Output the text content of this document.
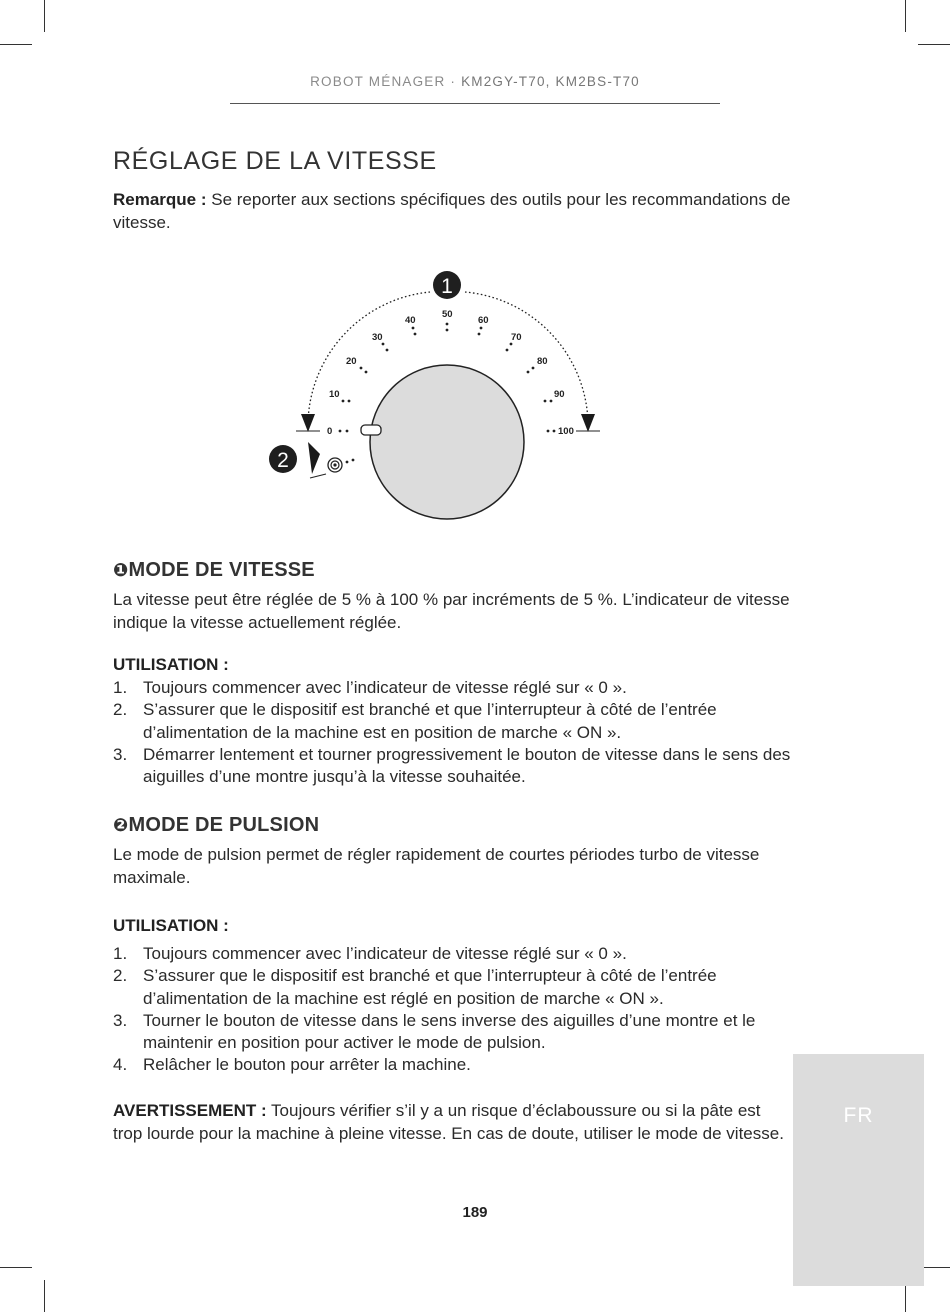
ROBOT MÉNAGER · KM2GY-T70, KM2BS-T70
RÉGLAGE DE LA VITESSE

Remarque : Se reporter aux sections spécifiques des outils pour les recommandations de vitesse.

0
10
20
30
40
50
60
70
80
90
100
1
2
❶MODE DE VITESSE

La vitesse peut être réglée de 5 % à 100 % par incréments de 5 %. L’indicateur de vitesse indique la vitesse actuellement réglée.

UTILISATION :
1. Toujours commencer avec l’indicateur de vitesse réglé sur « 0 ».
2. S’assurer que le dispositif est branché et que l’interrupteur à côté de l’entrée d’alimentation de la machine est en position de marche « ON ».
3. Démarrer lentement et tourner progressivement le bouton de vitesse dans le sens des aiguilles d’une montre jusqu’à la vitesse souhaitée.
❷MODE DE PULSION

Le mode de pulsion permet de régler rapidement de courtes périodes turbo de vitesse maximale.

UTILISATION :
1. Toujours commencer avec l’indicateur de vitesse réglé sur « 0 ».
2. S’assurer que le dispositif est branché et que l’interrupteur à côté de l’entrée d’alimentation de la machine est réglé en position de marche « ON ».
3. Tourner le bouton de vitesse dans le sens inverse des aiguilles d’une montre et le maintenir en position pour activer le mode de pulsion.
4. Relâcher le bouton pour arrêter la machine.

AVERTISSEMENT : Toujours vérifier s’il y a un risque d’éclaboussure ou si la pâte est trop lourde pour la machine à pleine vitesse. En cas de doute, utiliser le mode de vitesse.

189
FR
